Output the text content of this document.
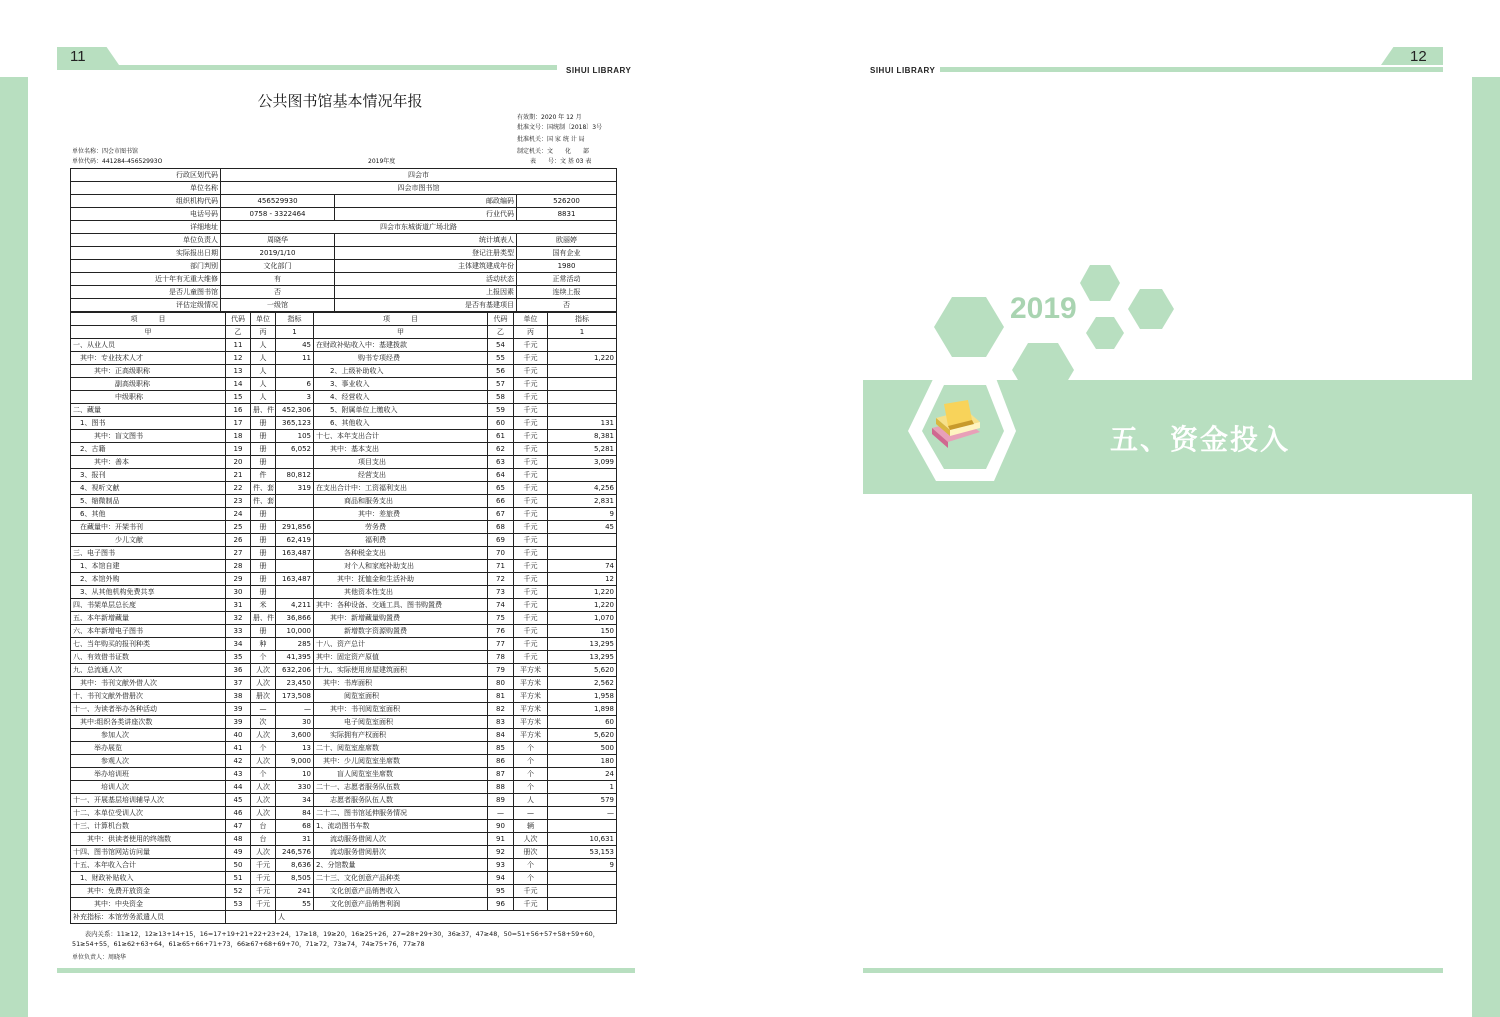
11
SIHUI LIBRARY
公共图书馆基本情况年报
有效期：2020 年 12 月
批准文号：国统制〔2018〕3号
批准机关：国 家 统 计 局
制定机关：文　　化　　部
单位名称：四会市图书馆
单位代码：441284-45652993O	2019年度	表　　号：文 基 03 表
行政区划代码	四会市		
单位名称	四会市图书馆		
组织机构代码	456529930	邮政编码	526200
电话号码	0758 - 3322464	行业代码	8831
详细地址	四会市东城街道广场北路		
单位负责人	周晓华	统计填表人	欧丽婷
实际报出日期	2019/1/10	登记注册类型	国有企业
部门判别	文化部门	主体建筑建成年份	1980
近十年有无重大维修	有	活动状态	正常活动
是否儿童图书馆	否	上报因素	连续上报
评估定级情况	一级馆	是否有基建项目	否
项　　　目	代码	单位	指标	项　　　目	代码	单位	指标
甲	乙	丙	1	甲	乙	丙	1
一、从业人员	11	人	45	在财政补贴收入中：基建拨款	54	千元	
　其中：专业技术人才	12	人	11	　　　　　　购书专项经费	55	千元	1,220
　　　其中：正高级职称	13	人		　　2、上级补助收入	56	千元	
　　　　　　副高级职称	14	人	6	　　3、事业收入	57	千元	
　　　　　　中级职称	15	人	3	　　4、经营收入	58	千元	
二、藏量	16	册、件	452,306	　　5、附属单位上缴收入	59	千元	
　1、图书	17	册	365,123	　　6、其他收入	60	千元	131
　　　其中：盲文图书	18	册	105	十七、本年支出合计	61	千元	8,381
　2、古籍	19	册	6,052	　　其中：基本支出	62	千元	5,281
　　　其中：善本	20	册		　　　　　　项目支出	63	千元	3,099
　3、报刊	21	件	80,812	　　　　　　经营支出	64	千元	
　4、视听文献	22	件、套	319	在支出合计中：工资福利支出	65	千元	4,256
　5、缩微制品	23	件、套		　　　　商品和服务支出	66	千元	2,831
　6、其他	24	册		　　　　　　其中：差旅费	67	千元	9
　在藏量中：开架书刊	25	册	291,856	　　　　　　　劳务费	68	千元	45
　　　　　　少儿文献	26	册	62,419	　　　　　　　福利费	69	千元	
三、电子图书	27	册	163,487	　　　　各种税金支出	70	千元	
　1、本馆自建	28	册		　　　　对个人和家庭补助支出	71	千元	74
　2、本馆外购	29	册	163,487	　　　其中：抚恤金和生活补助	72	千元	12
　3、从其他机构免费共享	30	册		　　　　其他资本性支出	73	千元	1,220
四、书架单层总长度	31	米	4,211	其中：各种设备、交通工具、图书购置费	74	千元	1,220
五、本年新增藏量	32	册、件	36,866	　　其中：新增藏量购置费	75	千元	1,070
六、本年新增电子图书	33	册	10,000	　　　　新增数字资源购置费	76	千元	150
七、当年购买的报刊种类	34	种	285	十八、资产总计	77	千元	13,295
八、有效借书证数	35	个	41,395	其中：固定资产原值	78	千元	13,295
九、总流通人次	36	人次	632,206	十九、实际使用房屋建筑面积	79	平方米	5,620
　其中：书刊文献外借人次	37	人次	23,450	　其中：书库面积	80	平方米	2,562
十、书刊文献外借册次	38	册次	173,508	　　　　阅览室面积	81	平方米	1,958
十一、为读者举办各种活动	39	—	—	　　其中：书刊阅览室面积	82	平方米	1,898
　其中:组织各类讲座次数	39	次	30	　　　　电子阅览室面积	83	平方米	60
　　　　参加人次	40	人次	3,600	　　实际拥有产权面积	84	平方米	5,620
　　　举办展览	41	个	13	二十、阅览室座席数	85	个	500
　　　　参观人次	42	人次	9,000	　其中：少儿阅览室坐席数	86	个	180
　　　举办培训班	43	个	10	　　　盲人阅览室坐席数	87	个	24
　　　　培训人次	44	人次	330	二十一、志愿者服务队伍数	88	个	1
十一、开展基层培训辅导人次	45	人次	34	　　志愿者服务队伍人数	89	人	579
十二、本单位受训人次	46	人次	84	二十二、图书馆延伸服务情况	—	—	—
十三、计算机台数	47	台	68	1、流动图书车数	90	辆	
　　其中：供读者使用的终端数	48	台	31	　　流动服务借阅人次	91	人次	10,631
十四、图书馆网站访问量	49	人次	246,576	　　流动服务借阅册次	92	册次	53,153
十五、本年收入合计	50	千元	8,636	2、分馆数量	93	个	9
　1、财政补贴收入	51	千元	8,505	二十三、文化创意产品种类	94	个	
　　其中：免费开放资金	52	千元	241	　　文化创意产品销售收入	95	千元	
　　　其中：中央资金	53	千元	55	　　文化创意产品销售利润	96	千元	
补充指标：本馆劳务派遣人员			人				
　　表内关系：11≥12，12≥13+14+15，16=17+19+21+22+23+24，17≥18，19≥20，16≥25+26，27=28+29+30，36≥37，47≥48，50=51+56+57+58+59+60，
51≥54+55，61≥62+63+64，61≥65+66+71+73，66≥67+68+69+70，71≥72，73≥74，74≥75+76，77≥78
单位负责人：周晓华
12
SIHUI LIBRARY
2019
五、资金投入
